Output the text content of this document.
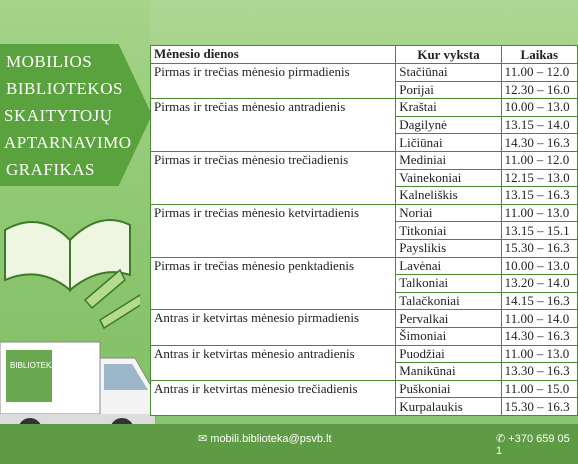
MOBILIOS
BIBLIOTEKOS
SKAITYTOJŲ
APTARNAVIMO
GRAFIKAS
BIBLIOTEKA
Mėnesio dienos	Kur vyksta	Laikas
Pirmas ir trečias mėnesio pirmadienis	Stačiūnai	11.00 – 12.0
	Porijai	12.30 – 16.0
Pirmas ir trečias mėnesio antradienis	Kraštai	10.00 – 13.0
	Dagilynė	13.15 – 14.0
	Ličiūnai	14.30 – 16.3
Pirmas ir trečias mėnesio trečiadienis	Mediniai	11.00 – 12.0
	Vainekoniai	12.15 – 13.0
	Kalneliškis	13.15 – 16.3
Pirmas ir trečias mėnesio ketvirtadienis	Noriai	11.00 – 13.0
	Titkoniai	13.15 – 15.1
	Payslikis	15.30 – 16.3
Pirmas ir trečias mėnesio penktadienis	Lavėnai	10.00 – 13.0
	Talkoniai	13.20 – 14.0
	Talačkoniai	14.15 – 16.3
Antras ir ketvirtas mėnesio pirmadienis	Pervalkai	11.00 – 14.0
	Šimoniai	14.30 – 16.3
Antras ir ketvirtas mėnesio antradienis	Puodžiai	11.00 – 13.0
	Manikūnai	13.30 – 16.3
Antras ir ketvirtas mėnesio trečiadienis	Puškoniai	11.00 – 15.0
	Kurpalaukis	15.30 – 16.3
✉ mobili.biblioteka@psvb.lt	✆ +370 659 05 1
